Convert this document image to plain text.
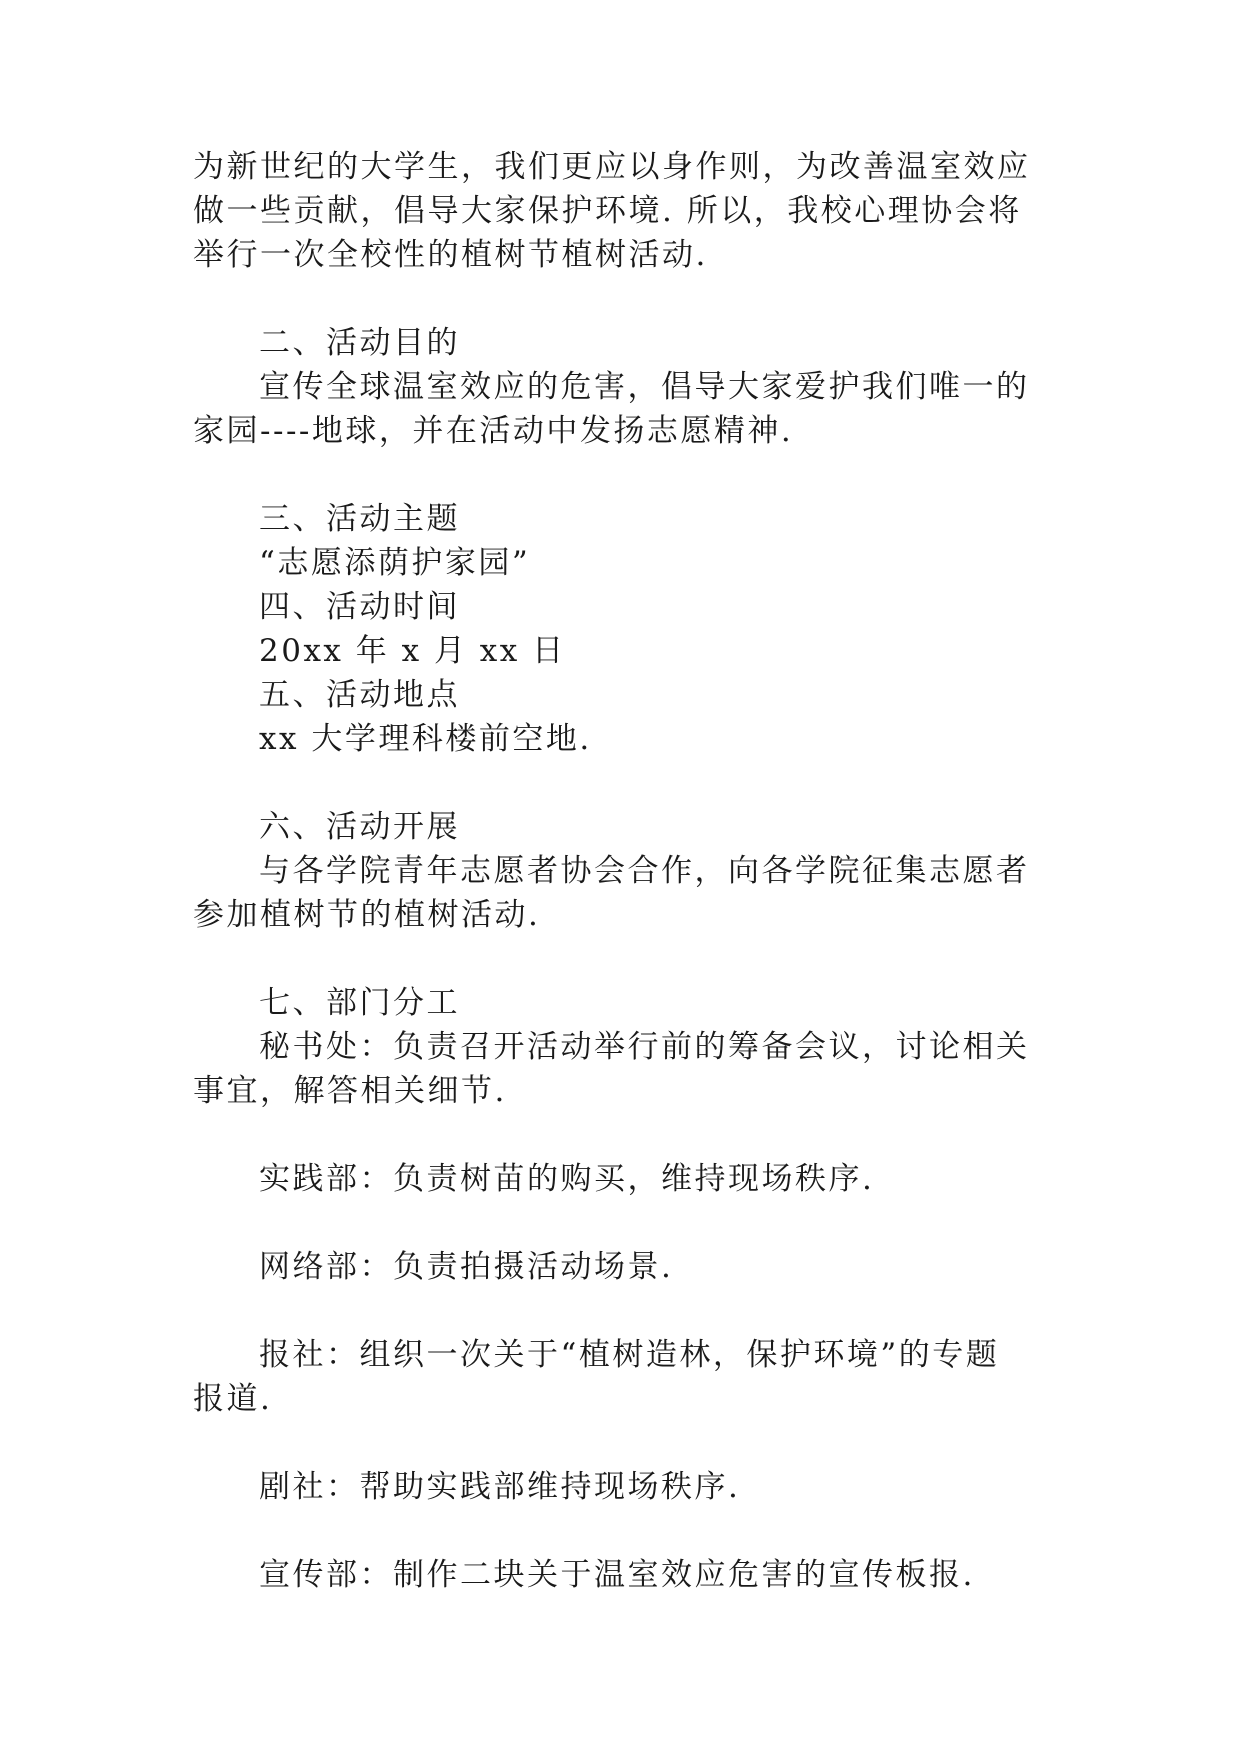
为新世纪的大学生，我们更应以身作则，为改善温室效应

做一些贡献，倡导大家保护环境. 所以，我校心理协会将

举行一次全校性的植树节植树活动.

二、活动目的

宣传全球温室效应的危害，倡导大家爱护我们唯一的

家园----地球，并在活动中发扬志愿精神.

三、活动主题

“志愿添荫护家园”

四、活动时间

20xx 年 x 月 xx 日

五、活动地点

xx 大学理科楼前空地.

六、活动开展

与各学院青年志愿者协会合作，向各学院征集志愿者

参加植树节的植树活动.

七、部门分工

秘书处：负责召开活动举行前的筹备会议，讨论相关

事宜，解答相关细节.

实践部：负责树苗的购买，维持现场秩序.

网络部：负责拍摄活动场景.

报社：组织一次关于“植树造林，保护环境”的专题

报道.

剧社：帮助实践部维持现场秩序.

宣传部：制作二块关于温室效应危害的宣传板报.
